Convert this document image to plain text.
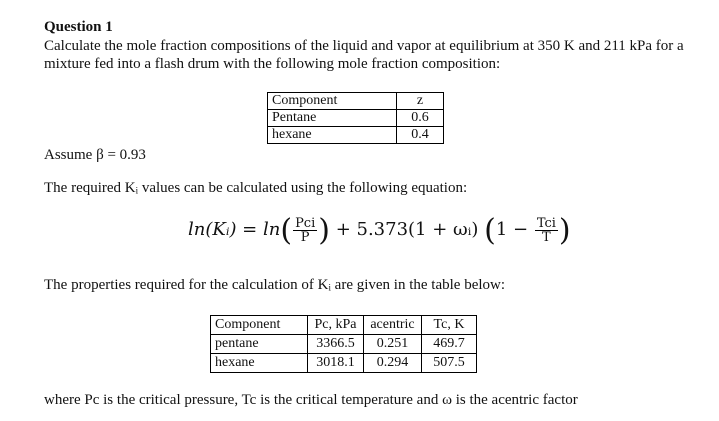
Question 1
Calculate the mole fraction compositions of the liquid and vapor at equilibrium at 350 K and 211 kPa for a
mixture fed into a flash drum with the following mole fraction composition:
Component	z
Pentane	0.6
hexane	0.4
Assume β = 0.93
The required Kᵢ values can be calculated using the following equation:
ln(Kᵢ) = $\ln( \frac{\text{Pci}}{P}$ ) + 5.373(1 + ωᵢ) ($1 - \frac{\text{Tci}}{T}$ )
The properties required for the calculation of Kᵢ are given in the table below:
Component	Pc, kPa	acentric	Tc, K
pentane	3366.5	0.251	469.7
hexane	3018.1	0.294	507.5
where Pc is the critical pressure, Tc is the critical temperature and ω is the acentric factor
